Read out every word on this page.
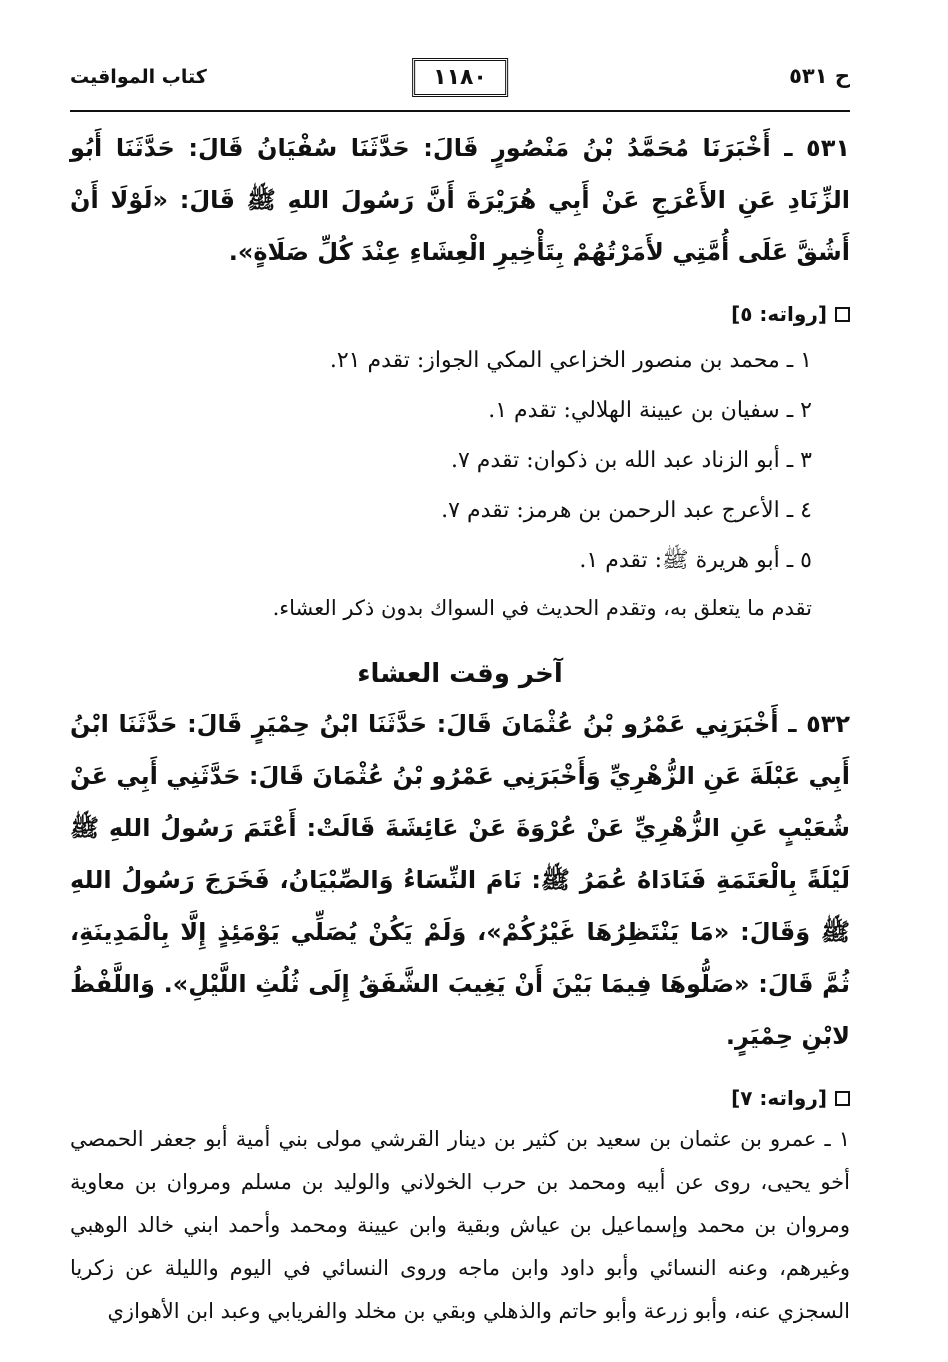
ح ٥٣١
١١٨٠
كتاب المواقيت

٥٣١ ـ أَخْبَرَنَا مُحَمَّدُ بْنُ مَنْصُورٍ قَالَ: حَدَّثَنَا سُفْيَانُ قَالَ: حَدَّثَنَا أَبُو الزِّنَادِ عَنِ الأَعْرَجِ عَنْ أَبِي هُرَيْرَةَ أَنَّ رَسُولَ اللهِ ﷺ قَالَ: «لَوْلَا أَنْ أَشُقَّ عَلَى أُمَّتِي لأَمَرْتُهُمْ بِتَأْخِيرِ الْعِشَاءِ عِنْدَ كُلِّ صَلَاةٍ».

[رواته: ٥]
١ ـ محمد بن منصور الخزاعي المكي الجواز: تقدم ٢١.
٢ ـ سفيان بن عيينة الهلالي: تقدم ١.
٣ ـ أبو الزناد عبد الله بن ذكوان: تقدم ٧.
٤ ـ الأعرج عبد الرحمن بن هرمز: تقدم ٧.
٥ ـ أبو هريرة ﷺ: تقدم ١.
تقدم ما يتعلق به، وتقدم الحديث في السواك بدون ذكر العشاء.
آخر وقت العشاء

٥٣٢ ـ أَخْبَرَنِي عَمْرُو بْنُ عُثْمَانَ قَالَ: حَدَّثَنَا ابْنُ حِمْيَرٍ قَالَ: حَدَّثَنَا ابْنُ أَبِي عَبْلَةَ عَنِ الزُّهْرِيِّ وَأَخْبَرَنِي عَمْرُو بْنُ عُثْمَانَ قَالَ: حَدَّثَنِي أَبِي عَنْ شُعَيْبٍ عَنِ الزُّهْرِيِّ عَنْ عُرْوَةَ عَنْ عَائِشَةَ قَالَتْ: أَعْتَمَ رَسُولُ اللهِ ﷺ لَيْلَةً بِالْعَتَمَةِ فَنَادَاهُ عُمَرُ ﷺ: نَامَ النِّسَاءُ وَالصِّبْيَانُ، فَخَرَجَ رَسُولُ اللهِ ﷺ وَقَالَ: «مَا يَنْتَظِرُهَا غَيْرُكُمْ»، وَلَمْ يَكُنْ يُصَلِّي يَوْمَئِذٍ إِلَّا بِالْمَدِينَةِ، ثُمَّ قَالَ: «صَلُّوهَا فِيمَا بَيْنَ أَنْ يَغِيبَ الشَّفَقُ إِلَى ثُلُثِ اللَّيْلِ». وَاللَّفْظُ لابْنِ حِمْيَرٍ.

[رواته: ٧]

١ ـ عمرو بن عثمان بن سعيد بن كثير بن دينار القرشي مولى بني أمية أبو جعفر الحمصي أخو يحيى، روى عن أبيه ومحمد بن حرب الخولاني والوليد بن مسلم ومروان بن معاوية ومروان بن محمد وإسماعيل بن عياش وبقية وابن عيينة ومحمد وأحمد ابني خالد الوهبي وغيرهم، وعنه النسائي وأبو داود وابن ماجه وروى النسائي في اليوم والليلة عن زكريا السجزي عنه، وأبو زرعة وأبو حاتم والذهلي وبقي بن مخلد والفريابي وعبد ابن الأهوازي
